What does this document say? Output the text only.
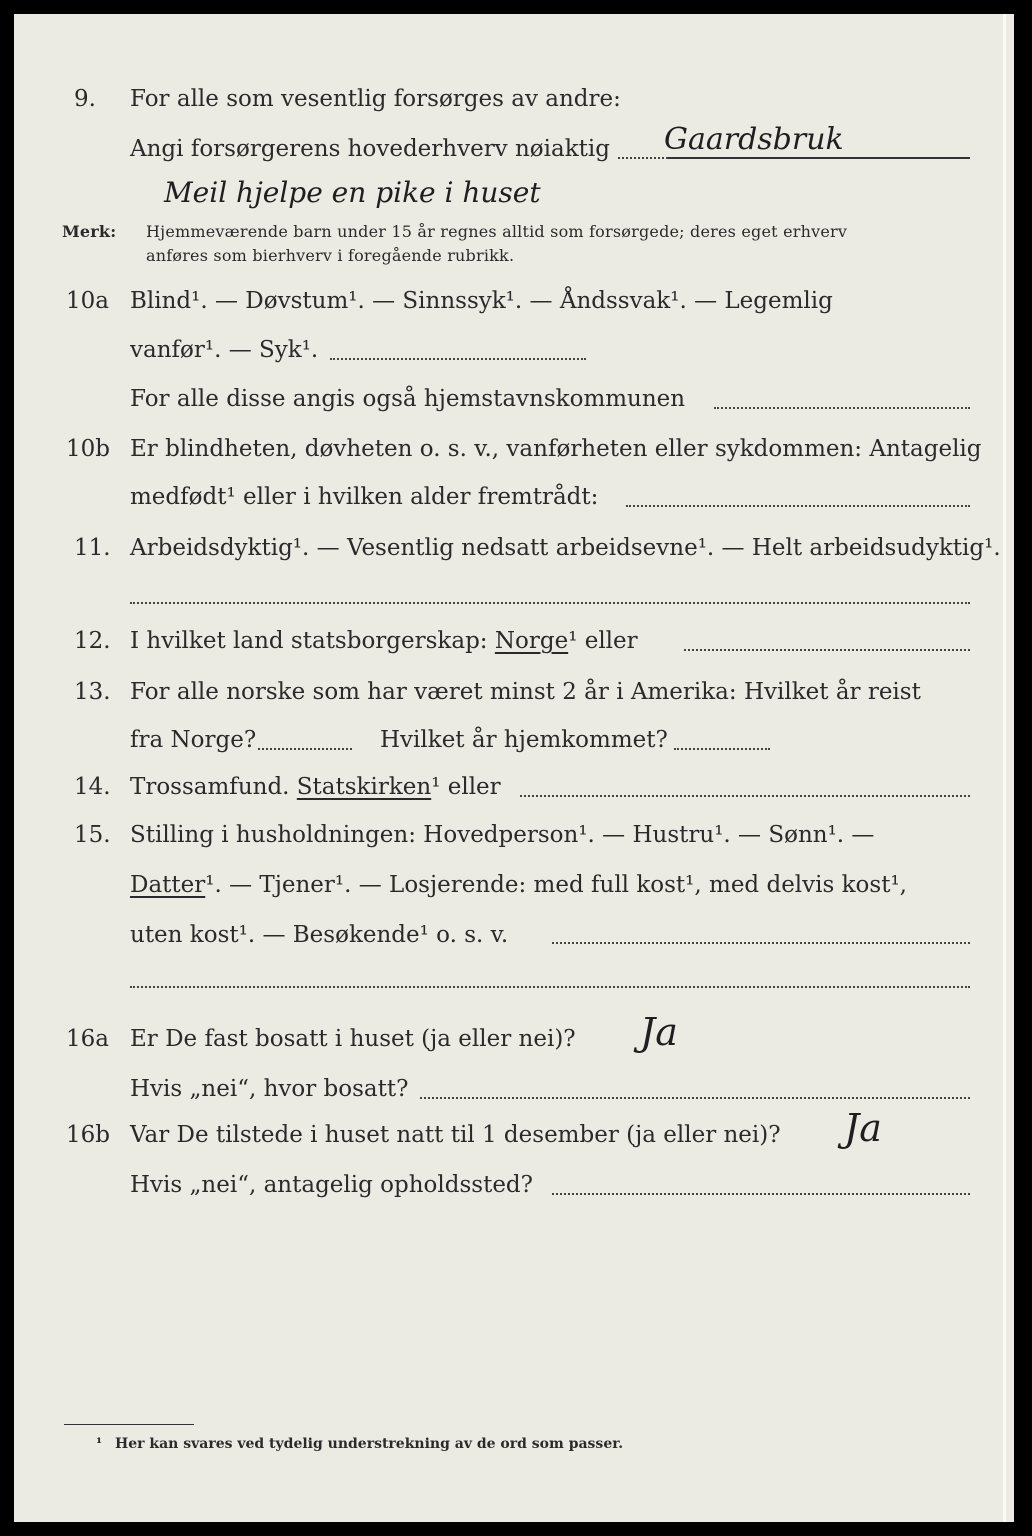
9. For alle som vesentlig forsørges av andre:
Angi forsørgerens hovederhverv nøiaktig Gaardsbruk
Meil hjelpe en pike i huset
Merk: Hjemmeværende barn under 15 år regnes alltid som forsørgede; deres eget erhverv
anføres som bierhverv i foregående rubrikk.
10a Blind¹. — Døvstum¹. — Sinnssyk¹. — Åndssvak¹. — Legemlig
vanfør¹. — Syk¹.
For alle disse angis også hjemstavnskommunen
10b Er blindheten, døvheten o. s. v., vanførheten eller sykdommen: Antagelig
medfødt¹ eller i hvilken alder fremtrådt:
11. Arbeidsdyktig¹. — Vesentlig nedsatt arbeidsevne¹. — Helt arbeidsudyktig¹.
12. I hvilket land statsborgerskap: Norge¹ eller
13. For alle norske som har været minst 2 år i Amerika: Hvilket år reist
fra Norge?	Hvilket år hjemkommet?
14. Trossamfund. Statskirken¹ eller
15. Stilling i husholdningen: Hovedperson¹. — Hustru¹. — Sønn¹. —
Datter¹. — Tjener¹. — Losjerende: med full kost¹, med delvis kost¹,
uten kost¹. — Besøkende¹ o. s. v.
16a Er De fast bosatt i huset (ja eller nei)? Ja
Hvis „nei“, hvor bosatt?
16b Var De tilstede i huset natt til 1 desember (ja eller nei)? Ja
Hvis „nei“, antagelig opholdssted?
¹ Her kan svares ved tydelig understrekning av de ord som passer.
